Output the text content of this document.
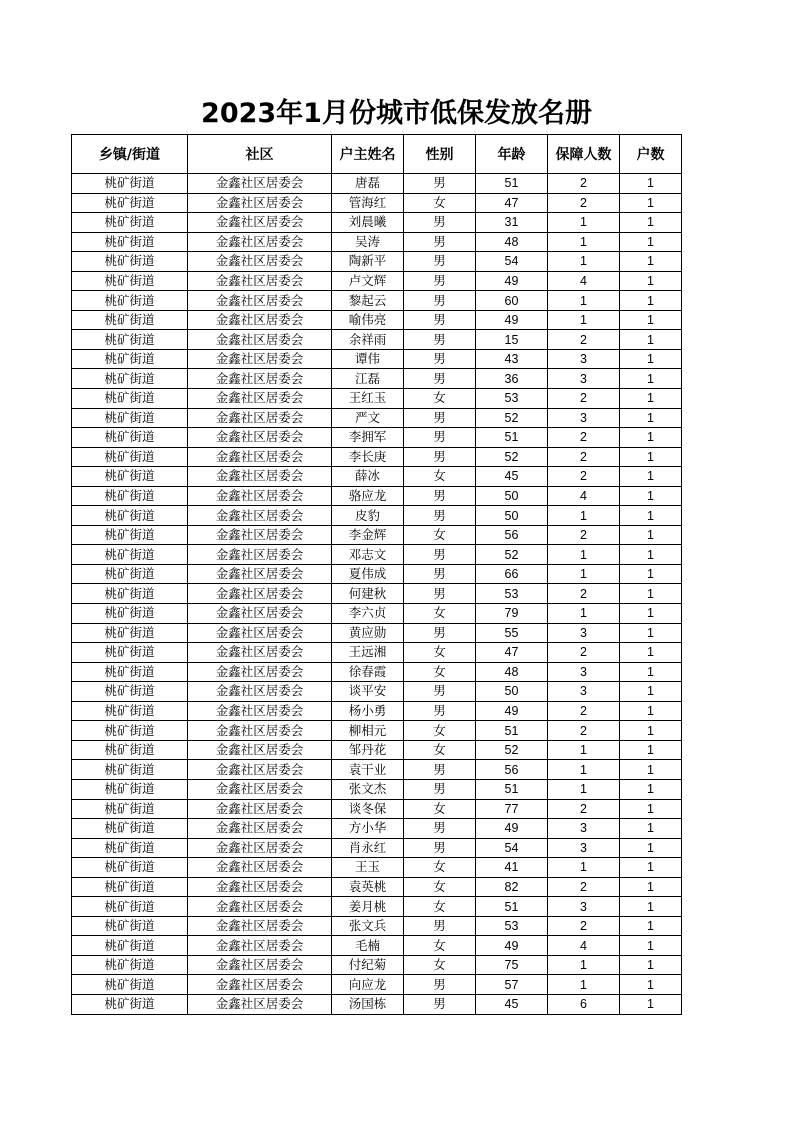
2023年1月份城市低保发放名册
乡镇/街道	社区	户主姓名	性别	年龄	保障人数	户数
桃矿街道	金鑫社区居委会	唐磊	男	51	2	1
桃矿街道	金鑫社区居委会	管海红	女	47	2	1
桃矿街道	金鑫社区居委会	刘晨曦	男	31	1	1
桃矿街道	金鑫社区居委会	吴涛	男	48	1	1
桃矿街道	金鑫社区居委会	陶新平	男	54	1	1
桃矿街道	金鑫社区居委会	卢文辉	男	49	4	1
桃矿街道	金鑫社区居委会	黎起云	男	60	1	1
桃矿街道	金鑫社区居委会	喻伟亮	男	49	1	1
桃矿街道	金鑫社区居委会	余祥雨	男	15	2	1
桃矿街道	金鑫社区居委会	谭伟	男	43	3	1
桃矿街道	金鑫社区居委会	江磊	男	36	3	1
桃矿街道	金鑫社区居委会	王红玉	女	53	2	1
桃矿街道	金鑫社区居委会	严文	男	52	3	1
桃矿街道	金鑫社区居委会	李拥军	男	51	2	1
桃矿街道	金鑫社区居委会	李长庚	男	52	2	1
桃矿街道	金鑫社区居委会	薛冰	女	45	2	1
桃矿街道	金鑫社区居委会	骆应龙	男	50	4	1
桃矿街道	金鑫社区居委会	皮豹	男	50	1	1
桃矿街道	金鑫社区居委会	李金辉	女	56	2	1
桃矿街道	金鑫社区居委会	邓志文	男	52	1	1
桃矿街道	金鑫社区居委会	夏伟成	男	66	1	1
桃矿街道	金鑫社区居委会	何建秋	男	53	2	1
桃矿街道	金鑫社区居委会	李六贞	女	79	1	1
桃矿街道	金鑫社区居委会	黄应勋	男	55	3	1
桃矿街道	金鑫社区居委会	王远湘	女	47	2	1
桃矿街道	金鑫社区居委会	徐春霞	女	48	3	1
桃矿街道	金鑫社区居委会	谈平安	男	50	3	1
桃矿街道	金鑫社区居委会	杨小勇	男	49	2	1
桃矿街道	金鑫社区居委会	柳相元	女	51	2	1
桃矿街道	金鑫社区居委会	邹丹花	女	52	1	1
桃矿街道	金鑫社区居委会	袁干业	男	56	1	1
桃矿街道	金鑫社区居委会	张文杰	男	51	1	1
桃矿街道	金鑫社区居委会	谈冬保	女	77	2	1
桃矿街道	金鑫社区居委会	方小华	男	49	3	1
桃矿街道	金鑫社区居委会	肖永红	男	54	3	1
桃矿街道	金鑫社区居委会	王玉	女	41	1	1
桃矿街道	金鑫社区居委会	袁英桃	女	82	2	1
桃矿街道	金鑫社区居委会	姜月桃	女	51	3	1
桃矿街道	金鑫社区居委会	张文兵	男	53	2	1
桃矿街道	金鑫社区居委会	毛楠	女	49	4	1
桃矿街道	金鑫社区居委会	付纪菊	女	75	1	1
桃矿街道	金鑫社区居委会	向应龙	男	57	1	1
桃矿街道	金鑫社区居委会	汤国栋	男	45	6	1
